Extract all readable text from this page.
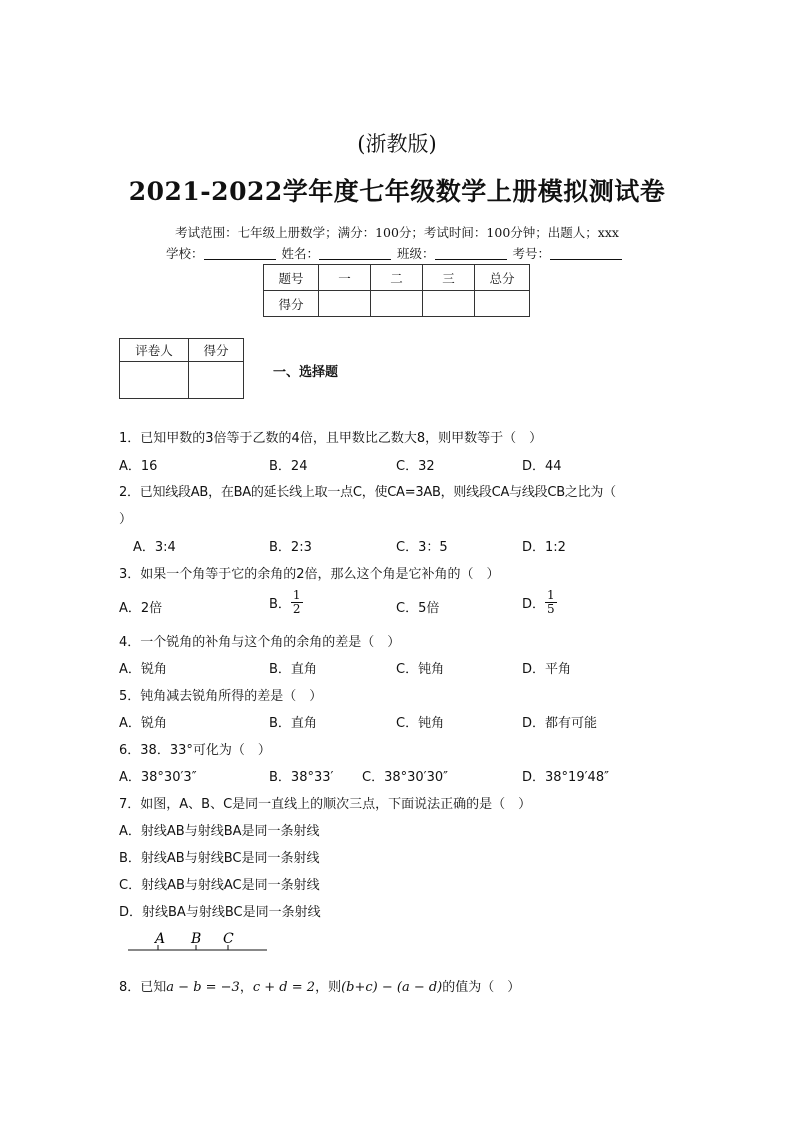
(浙教版)
2021-2022学年度七年级数学上册模拟测试卷
考试范围：七年级上册数学；满分：100分；考试时间：100分钟；出题人；xxx
学校：	姓名：	班级：	考号：
题号	一	二	三	总分
得分				
评卷人	得分

一、选择题
1．已知甲数的3倍等于乙数的4倍，且甲数比乙数大8，则甲数等于（　）
A．16	B．24	C．32	D．44
2．已知线段AB，在BA的延长线上取一点C，使CA=3AB，则线段CA与线段CB之比为（
）
A．3:4	B．2:3	C．3：5	D．1:2
3．如果一个角等于它的余角的2倍，那么这个角是它补角的（　）
A．2倍	B． $\frac{1}{2}$	C．5倍	D． $\frac{1}{5}$
4．一个锐角的补角与这个角的余角的差是（　）
A．锐角	B．直角	C．钝角	D．平角
5．钝角减去锐角所得的差是（　）
A．锐角	B．直角	C．钝角	D．都有可能
6．38．33°可化为（　）
A．38°30′3″	B．38°33′ C．38°30′30″	D．38°19′48″
7．如图，A、B、C是同一直线上的顺次三点，下面说法正确的是（　）
A．射线AB与射线BA是同一条射线
B．射线AB与射线BC是同一条射线
C．射线AB与射线AC是同一条射线
D．射线BA与射线BC是同一条射线
A B C
8．已知a − b = −3，c + d = 2，则(b+c) − (a − d)的值为（　）
